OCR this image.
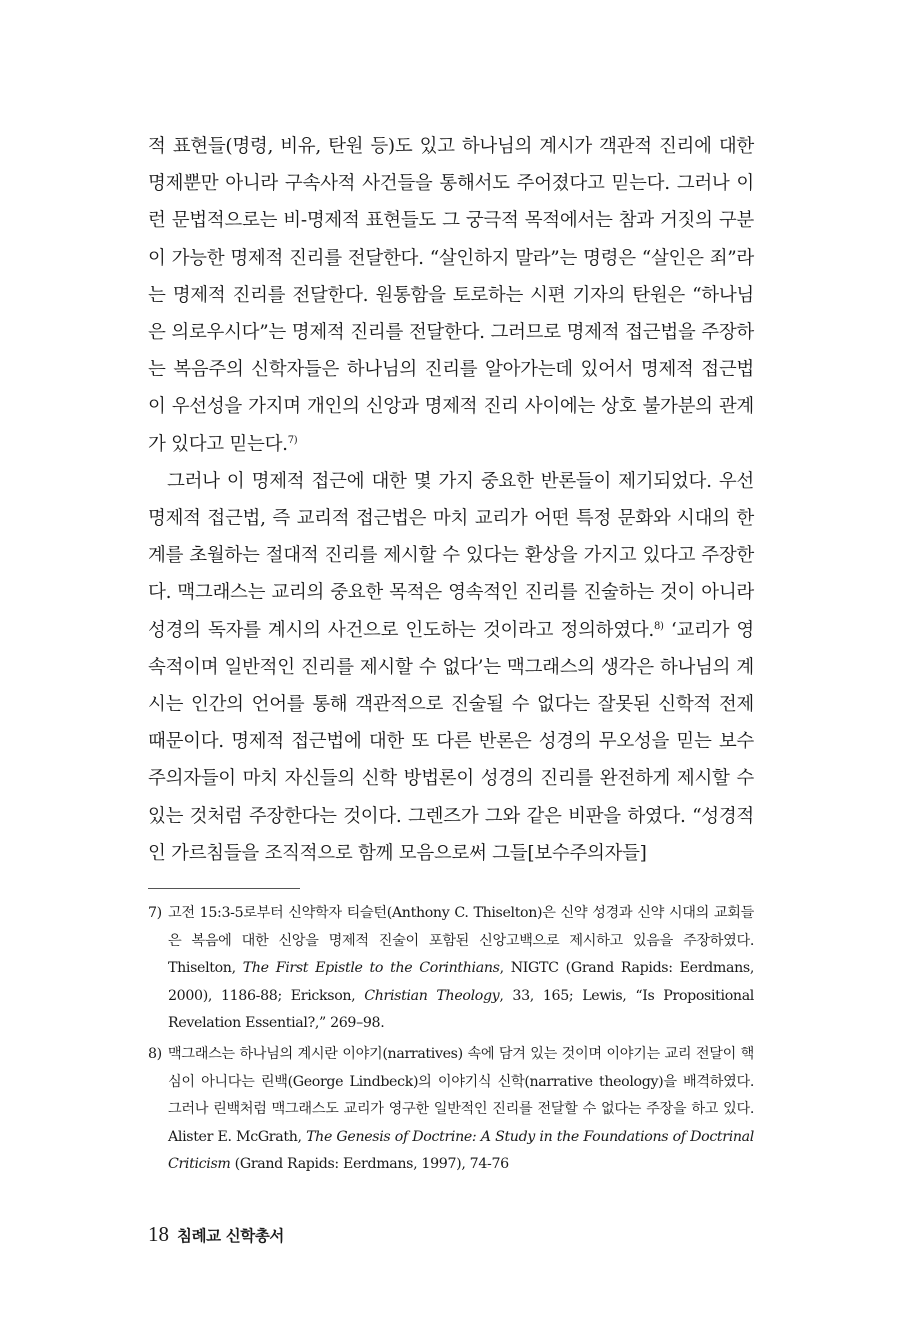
적 표현들(명령, 비유, 탄원 등)도 있고 하나님의 계시가 객관적 진리에 대한 명제뿐만 아니라 구속사적 사건들을 통해서도 주어졌다고 믿는다. 그러나 이런 문법적으로는 비-명제적 표현들도 그 궁극적 목적에서는 참과 거짓의 구분이 가능한 명제적 진리를 전달한다. “살인하지 말라”는 명령은 “살인은 죄”라는 명제적 진리를 전달한다. 원통함을 토로하는 시편 기자의 탄원은 “하나님은 의로우시다”는 명제적 진리를 전달한다. 그러므로 명제적 접근법을 주장하는 복음주의 신학자들은 하나님의 진리를 알아가는데 있어서 명제적 접근법이 우선성을 가지며 개인의 신앙과 명제적 진리 사이에는 상호 불가분의 관계가 있다고 믿는다.$^{7)}$

그러나 이 명제적 접근에 대한 몇 가지 중요한 반론들이 제기되었다. 우선 명제적 접근법, 즉 교리적 접근법은 마치 교리가 어떤 특정 문화와 시대의 한계를 초월하는 절대적 진리를 제시할 수 있다는 환상을 가지고 있다고 주장한다. 맥그래스는 교리의 중요한 목적은 영속적인 진리를 진술하는 것이 아니라 성경의 독자를 계시의 사건으로 인도하는 것이라고 정의하였다.$^{8)}$ ‘교리가 영속적이며 일반적인 진리를 제시할 수 없다’는 맥그래스의 생각은 하나님의 계시는 인간의 언어를 통해 객관적으로 진술될 수 없다는 잘못된 신학적 전제 때문이다. 명제적 접근법에 대한 또 다른 반론은 성경의 무오성을 믿는 보수주의자들이 마치 자신들의 신학 방법론이 성경의 진리를 완전하게 제시할 수 있는 것처럼 주장한다는 것이다. 그렌즈가 그와 같은 비판을 하였다. “성경적인 가르침들을 조직적으로 함께 모음으로써 그들[보수주의자들]

7) 고전 15:3-5로부터 신약학자 티슬턴(Anthony C. Thiselton)은 신약 성경과 신약 시대의 교회들은 복음에 대한 신앙을 명제적 진술이 포함된 신앙고백으로 제시하고 있음을 주장하였다. Thiselton, The First Epistle to the Corinthians, NIGTC (Grand Rapids: Eerdmans, 2000), 1186-88; Erickson, Christian Theology, 33, 165; Lewis, “Is Propositional Revelation Essential?,” 269–98.
8) 맥그래스는 하나님의 계시란 이야기(narratives) 속에 담겨 있는 것이며 이야기는 교리 전달이 핵심이 아니다는 린백(George Lindbeck)의 이야기식 신학(narrative theology)을 배격하였다. 그러나 린백처럼 맥그래스도 교리가 영구한 일반적인 진리를 전달할 수 없다는 주장을 하고 있다. Alister E. McGrath, The Genesis of Doctrine: A Study in the Foundations of Doctrinal Criticism (Grand Rapids: Eerdmans, 1997), 74-76
18 침례교 신학총서
